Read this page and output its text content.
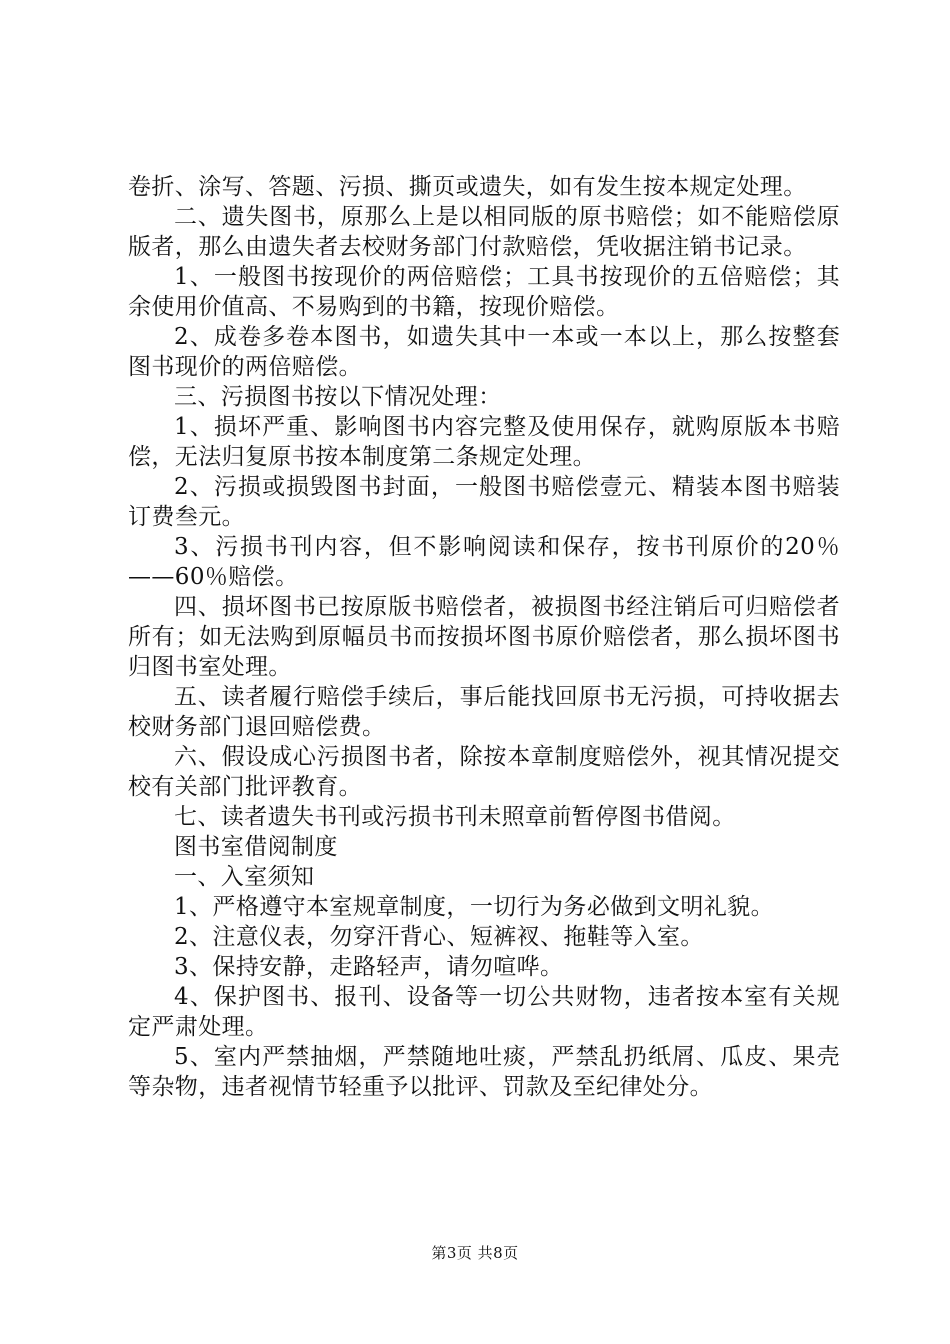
卷折、涂写、答题、污损、撕页或遗失，如有发生按本规定处理。

二、遗失图书，原那么上是以相同版的原书赔偿；如不能赔偿原版者，那么由遗失者去校财务部门付款赔偿，凭收据注销书记录。

1、一般图书按现价的两倍赔偿；工具书按现价的五倍赔偿；其余使用价值高、不易购到的书籍，按现价赔偿。

2、成卷多卷本图书，如遗失其中一本或一本以上，那么按整套图书现价的两倍赔偿。

三、污损图书按以下情况处理：

1、损坏严重、影响图书内容完整及使用保存，就购原版本书赔偿，无法归复原书按本制度第二条规定处理。

2、污损或损毁图书封面，一般图书赔偿壹元、精装本图书赔装订费叁元。

3、污损书刊内容，但不影响阅读和保存，按书刊原价的20％——60％赔偿。

四、损坏图书已按原版书赔偿者，被损图书经注销后可归赔偿者所有；如无法购到原幅员书而按损坏图书原价赔偿者，那么损坏图书归图书室处理。

五、读者履行赔偿手续后，事后能找回原书无污损，可持收据去校财务部门退回赔偿费。

六、假设成心污损图书者，除按本章制度赔偿外，视其情况提交校有关部门批评教育。

七、读者遗失书刊或污损书刊未照章前暂停图书借阅。

图书室借阅制度

一、入室须知

1、严格遵守本室规章制度，一切行为务必做到文明礼貌。

2、注意仪表，勿穿汗背心、短裤衩、拖鞋等入室。

3、保持安静，走路轻声，请勿喧哗。

4、保护图书、报刊、设备等一切公共财物，违者按本室有关规定严肃处理。

5、室内严禁抽烟，严禁随地吐痰，严禁乱扔纸屑、瓜皮、果壳等杂物，违者视情节轻重予以批评、罚款及至纪律处分。

第3页 共8页
